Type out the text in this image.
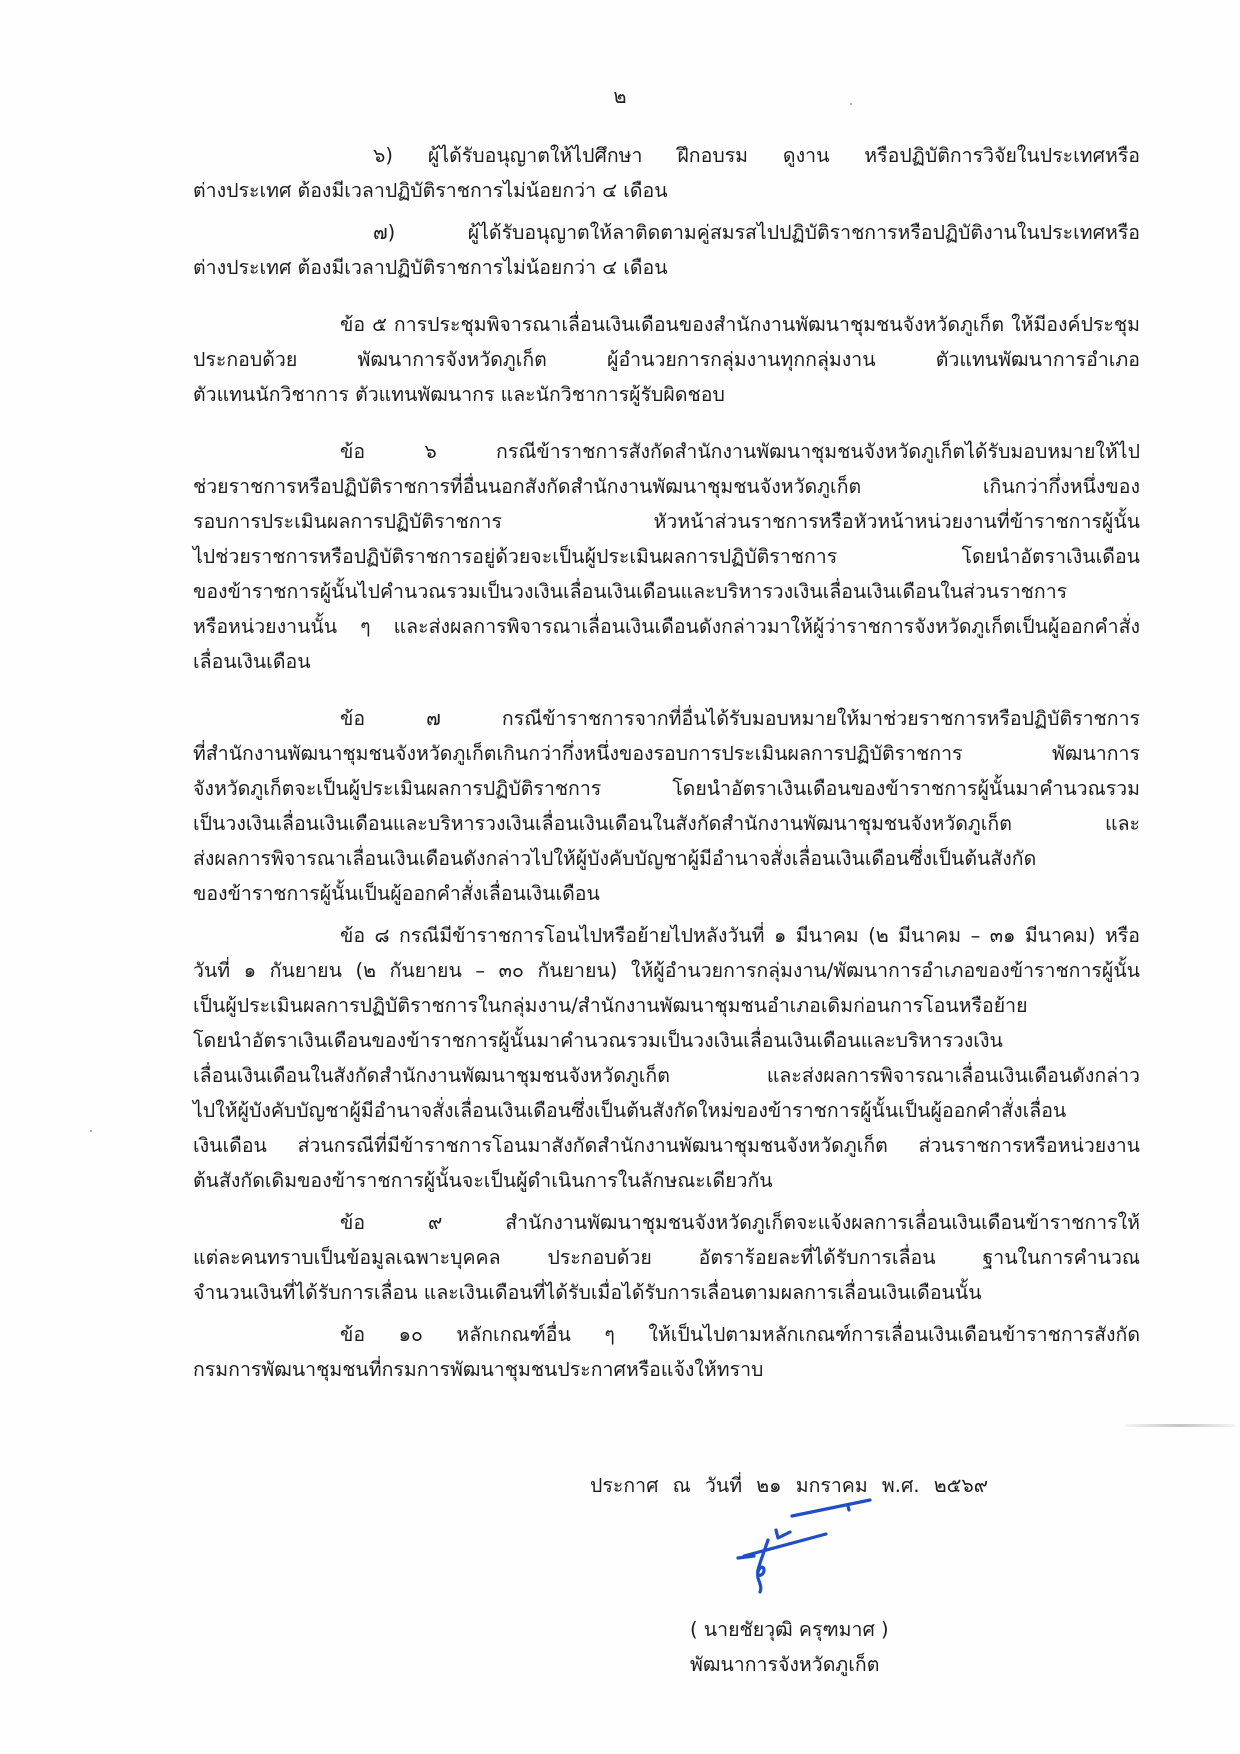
๒
๖) ผู้ได้รับอนุญาตให้ไปศึกษา ฝึกอบรม ดูงาน หรือปฏิบัติการวิจัยในประเทศหรือ
ต่างประเทศ ต้องมีเวลาปฏิบัติราชการไม่น้อยกว่า ๔ เดือน
๗) ผู้ได้รับอนุญาตให้ลาติดตามคู่สมรสไปปฏิบัติราชการหรือปฏิบัติงานในประเทศหรือ
ต่างประเทศ ต้องมีเวลาปฏิบัติราชการไม่น้อยกว่า ๔ เดือน
ข้อ ๕ การประชุมพิจารณาเลื่อนเงินเดือนของสำนักงานพัฒนาชุมชนจังหวัดภูเก็ต ให้มีองค์ประชุม
ประกอบด้วย พัฒนาการจังหวัดภูเก็ต ผู้อำนวยการกลุ่มงานทุกกลุ่มงาน ตัวแทนพัฒนาการอำเภอ
ตัวแทนนักวิชาการ ตัวแทนพัฒนากร และนักวิชาการผู้รับผิดชอบ
ข้อ ๖ กรณีข้าราชการสังกัดสำนักงานพัฒนาชุมชนจังหวัดภูเก็ตได้รับมอบหมายให้ไป
ช่วยราชการหรือปฏิบัติราชการที่อื่นนอกสังกัดสำนักงานพัฒนาชุมชนจังหวัดภูเก็ต เกินกว่ากึ่งหนึ่งของ
รอบการประเมินผลการปฏิบัติราชการ หัวหน้าส่วนราชการหรือหัวหน้าหน่วยงานที่ข้าราชการผู้นั้น
ไปช่วยราชการหรือปฏิบัติราชการอยู่ด้วยจะเป็นผู้ประเมินผลการปฏิบัติราชการ โดยนำอัตราเงินเดือน
ของข้าราชการผู้นั้นไปคำนวณรวมเป็นวงเงินเลื่อนเงินเดือนและบริหารวงเงินเลื่อนเงินเดือนในส่วนราชการ
หรือหน่วยงานนั้น ๆ และส่งผลการพิจารณาเลื่อนเงินเดือนดังกล่าวมาให้ผู้ว่าราชการจังหวัดภูเก็ตเป็นผู้ออกคำสั่ง
เลื่อนเงินเดือน
ข้อ ๗ กรณีข้าราชการจากที่อื่นได้รับมอบหมายให้มาช่วยราชการหรือปฏิบัติราชการ
ที่สำนักงานพัฒนาชุมชนจังหวัดภูเก็ตเกินกว่ากึ่งหนึ่งของรอบการประเมินผลการปฏิบัติราชการ พัฒนาการ
จังหวัดภูเก็ตจะเป็นผู้ประเมินผลการปฏิบัติราชการ โดยนำอัตราเงินเดือนของข้าราชการผู้นั้นมาคำนวณรวม
เป็นวงเงินเลื่อนเงินเดือนและบริหารวงเงินเลื่อนเงินเดือนในสังกัดสำนักงานพัฒนาชุมชนจังหวัดภูเก็ต และ
ส่งผลการพิจารณาเลื่อนเงินเดือนดังกล่าวไปให้ผู้บังคับบัญชาผู้มีอำนาจสั่งเลื่อนเงินเดือนซึ่งเป็นต้นสังกัด
ของข้าราชการผู้นั้นเป็นผู้ออกคำสั่งเลื่อนเงินเดือน
ข้อ ๘ กรณีมีข้าราชการโอนไปหรือย้ายไปหลังวันที่ ๑ มีนาคม (๒ มีนาคม – ๓๑ มีนาคม) หรือ
วันที่ ๑ กันยายน (๒ กันยายน – ๓๐ กันยายน) ให้ผู้อำนวยการกลุ่มงาน/พัฒนาการอำเภอของข้าราชการผู้นั้น
เป็นผู้ประเมินผลการปฏิบัติราชการในกลุ่มงาน/สำนักงานพัฒนาชุมชนอำเภอเดิมก่อนการโอนหรือย้าย
โดยนำอัตราเงินเดือนของข้าราชการผู้นั้นมาคำนวณรวมเป็นวงเงินเลื่อนเงินเดือนและบริหารวงเงิน
เลื่อนเงินเดือนในสังกัดสำนักงานพัฒนาชุมชนจังหวัดภูเก็ต และส่งผลการพิจารณาเลื่อนเงินเดือนดังกล่าว
ไปให้ผู้บังคับบัญชาผู้มีอำนาจสั่งเลื่อนเงินเดือนซึ่งเป็นต้นสังกัดใหม่ของข้าราชการผู้นั้นเป็นผู้ออกคำสั่งเลื่อน
เงินเดือน ส่วนกรณีที่มีข้าราชการโอนมาสังกัดสำนักงานพัฒนาชุมชนจังหวัดภูเก็ต ส่วนราชการหรือหน่วยงาน
ต้นสังกัดเดิมของข้าราชการผู้นั้นจะเป็นผู้ดำเนินการในลักษณะเดียวกัน
ข้อ ๙ สำนักงานพัฒนาชุมชนจังหวัดภูเก็ตจะแจ้งผลการเลื่อนเงินเดือนข้าราชการให้
แต่ละคนทราบเป็นข้อมูลเฉพาะบุคคล ประกอบด้วย อัตราร้อยละที่ได้รับการเลื่อน ฐานในการคำนวณ
จำนวนเงินที่ได้รับการเลื่อน และเงินเดือนที่ได้รับเมื่อได้รับการเลื่อนตามผลการเลื่อนเงินเดือนนั้น
ข้อ ๑๐ หลักเกณฑ์อื่น ๆ ให้เป็นไปตามหลักเกณฑ์การเลื่อนเงินเดือนข้าราชการสังกัด
กรมการพัฒนาชุมชนที่กรมการพัฒนาชุมชนประกาศหรือแจ้งให้ทราบ
ประกาศ ณ วันที่ ๒๑ มกราคม พ.ศ. ๒๕๖๙
( นายชัยวุฒิ ครุฑมาศ )
พัฒนาการจังหวัดภูเก็ต
